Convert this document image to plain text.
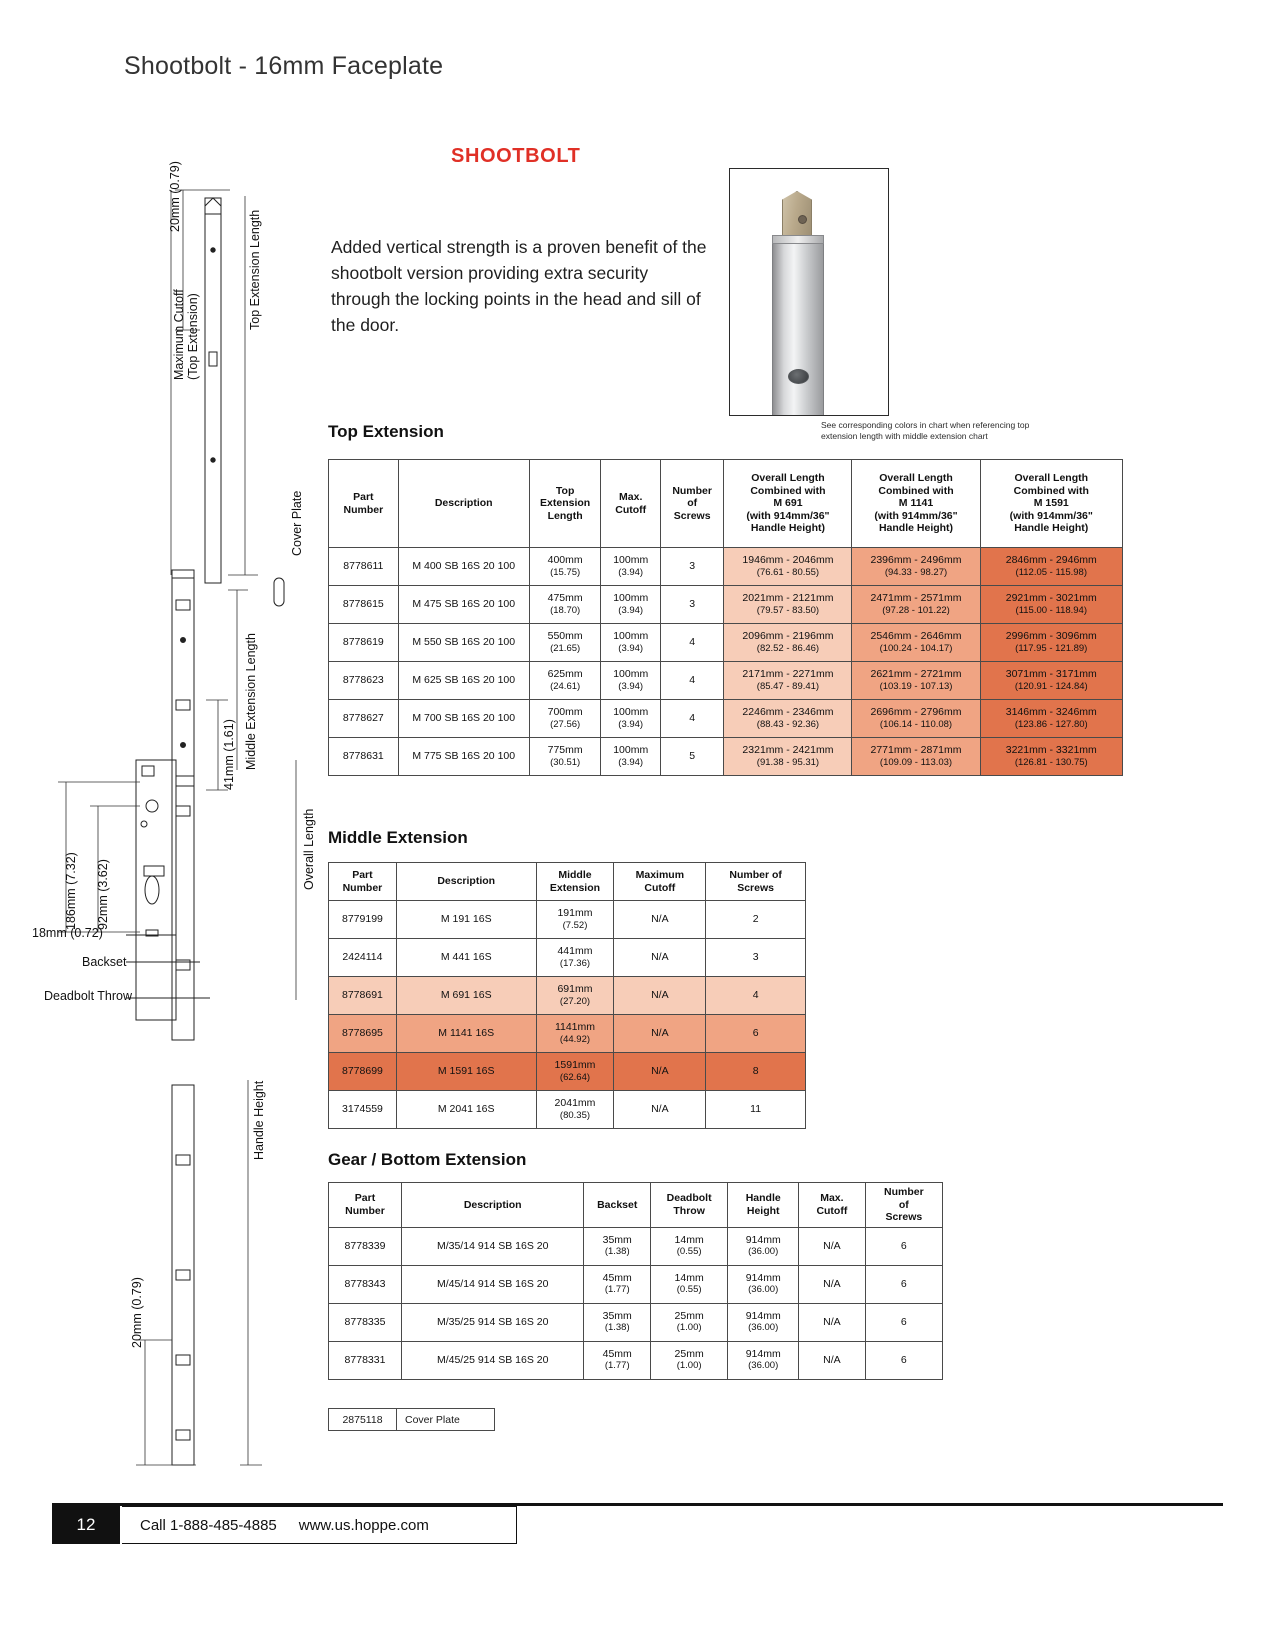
Shootbolt - 16mm Faceplate
SHOOTBOLT
Added vertical strength is a proven benefit of the shootbolt version providing extra security through the locking points in the head and sill of the door.
See corresponding colors in chart when referencing top extension length with middle extension chart
20mm (0.79)
Maximum Cutoff (Top Extension)
Top Extension Length
Cover Plate
Middle Extension Length
41mm (1.61)
186mm (7.32) 92mm (3.62)
18mm (0.72)
Backset
Deadbolt Throw
Overall Length
Handle Height
20mm (0.79)
Top Extension
Part
Number	Description	Top
Extension
Length	Max.
Cutoff	Number
of
Screws	Overall Length
Combined with
M 691
(with 914mm/36"
Handle Height)	Overall Length
Combined with
M 1141
(with 914mm/36"
Handle Height)	Overall Length
Combined with
M 1591
(with 914mm/36"
Handle Height)
8778611	M 400 SB 16S 20 100	400mm
(15.75)	100mm
(3.94)	3	1946mm - 2046mm
(76.61 - 80.55)	2396mm - 2496mm
(94.33 - 98.27)	2846mm - 2946mm
(112.05 - 115.98)

8778615	M 475 SB 16S 20 100	475mm
(18.70)	100mm
(3.94)	3	2021mm - 2121mm
(79.57 - 83.50)	2471mm - 2571mm
(97.28 - 101.22)	2921mm - 3021mm
(115.00 - 118.94)

8778619	M 550 SB 16S 20 100	550mm
(21.65)	100mm
(3.94)	4	2096mm - 2196mm
(82.52 - 86.46)	2546mm - 2646mm
(100.24 - 104.17)	2996mm - 3096mm
(117.95 - 121.89)

8778623	M 625 SB 16S 20 100	625mm
(24.61)	100mm
(3.94)	4	2171mm - 2271mm
(85.47 - 89.41)	2621mm - 2721mm
(103.19 - 107.13)	3071mm - 3171mm
(120.91 - 124.84)

8778627	M 700 SB 16S 20 100	700mm
(27.56)	100mm
(3.94)	4	2246mm - 2346mm
(88.43 - 92.36)	2696mm - 2796mm
(106.14 - 110.08)	3146mm - 3246mm
(123.86 - 127.80)

8778631	M 775 SB 16S 20 100	775mm
(30.51)	100mm
(3.94)	5	2321mm - 2421mm
(91.38 - 95.31)	2771mm - 2871mm
(109.09 - 113.03)	3221mm - 3321mm
(126.81 - 130.75)
Middle Extension
Part
Number	Description	Middle
Extension	Maximum
Cutoff	Number of
Screws
8779199	M 191 16S	191mm
(7.52)	N/A	2
2424114	M 441 16S	441mm
(17.36)	N/A	3
8778691	M 691 16S	691mm
(27.20)	N/A	4
8778695	M 1141 16S	1141mm
(44.92)	N/A	6
8778699	M 1591 16S	1591mm
(62.64)	N/A	8
3174559	M 2041 16S	2041mm
(80.35)	N/A	11
Gear / Bottom Extension
Part
Number	Description	Backset	Deadbolt
Throw	Handle
Height	Max.
Cutoff	Number
of
Screws
8778339	M/35/14 914 SB 16S 20	35mm
(1.38)	14mm
(0.55)	914mm
(36.00)	N/A	6
8778343	M/45/14 914 SB 16S 20	45mm
(1.77)	14mm
(0.55)	914mm
(36.00)	N/A	6
8778335	M/35/25 914 SB 16S 20	35mm
(1.38)	25mm
(1.00)	914mm
(36.00)	N/A	6
8778331	M/45/25 914 SB 16S 20	45mm
(1.77)	25mm
(1.00)	914mm
(36.00)	N/A	6
2875118	Cover Plate
12	Call 1-888-485-4885 www.us.hoppe.com
